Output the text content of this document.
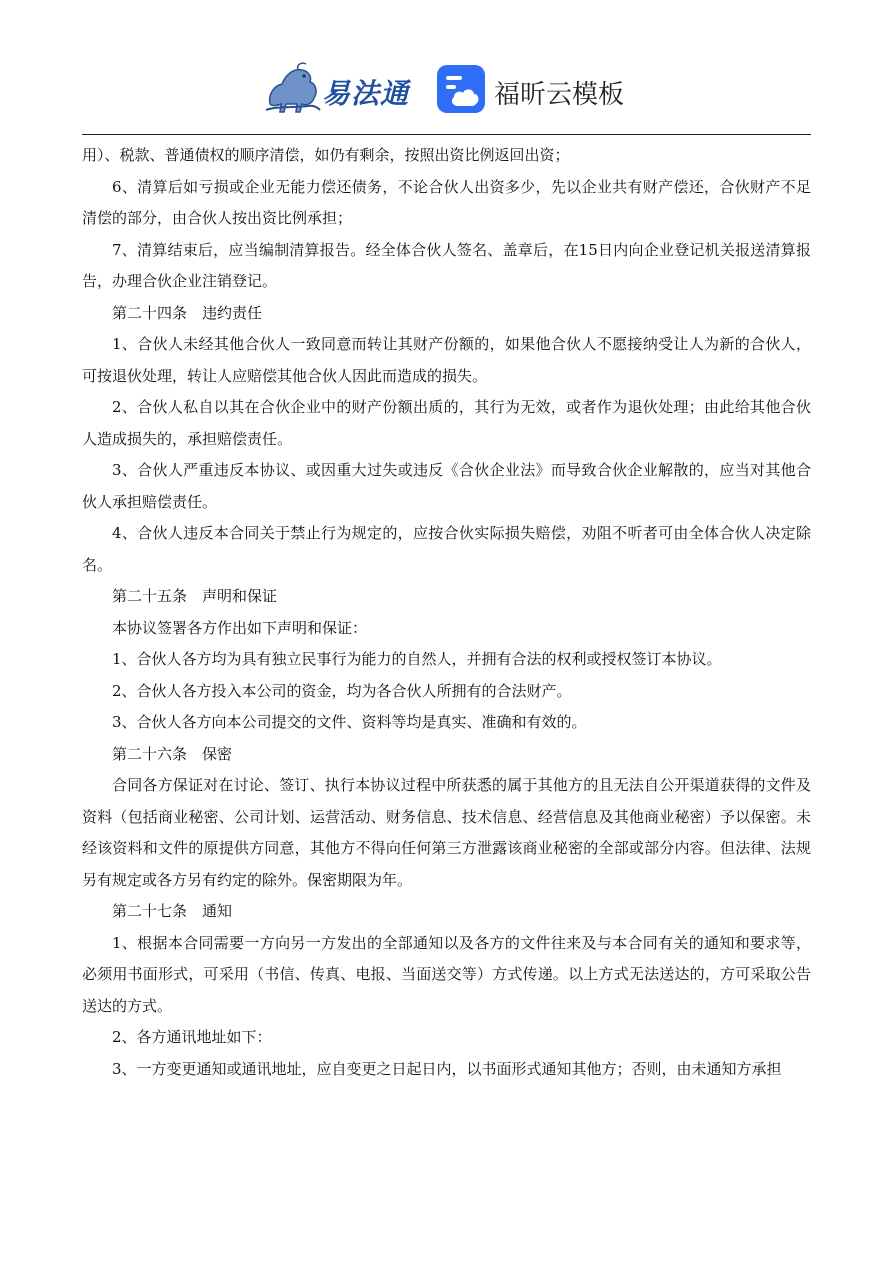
易法通	福昕云模板

用）、税款、普通债权的顺序清偿，如仍有剩余，按照出资比例返回出资；

6、清算后如亏损或企业无能力偿还债务，不论合伙人出资多少，先以企业共有财产偿还，合伙财产不足清偿的部分，由合伙人按出资比例承担；

7、清算结束后，应当编制清算报告。经全体合伙人签名、盖章后，在15日内向企业登记机关报送清算报告，办理合伙企业注销登记。

第二十四条　违约责任

1、合伙人未经其他合伙人一致同意而转让其财产份额的，如果他合伙人不愿接纳受让人为新的合伙人，可按退伙处理，转让人应赔偿其他合伙人因此而造成的损失。

2、合伙人私自以其在合伙企业中的财产份额出质的，其行为无效，或者作为退伙处理；由此给其他合伙人造成损失的，承担赔偿责任。

3、合伙人严重违反本协议、或因重大过失或违反《合伙企业法》而导致合伙企业解散的，应当对其他合伙人承担赔偿责任。

4、合伙人违反本合同关于禁止行为规定的，应按合伙实际损失赔偿，劝阻不听者可由全体合伙人决定除名。

第二十五条　声明和保证

本协议签署各方作出如下声明和保证：

1、合伙人各方均为具有独立民事行为能力的自然人，并拥有合法的权利或授权签订本协议。

2、合伙人各方投入本公司的资金，均为各合伙人所拥有的合法财产。

3、合伙人各方向本公司提交的文件、资料等均是真实、准确和有效的。

第二十六条　保密

合同各方保证对在讨论、签订、执行本协议过程中所获悉的属于其他方的且无法自公开渠道获得的文件及资料（包括商业秘密、公司计划、运营活动、财务信息、技术信息、经营信息及其他商业秘密）予以保密。未经该资料和文件的原提供方同意，其他方不得向任何第三方泄露该商业秘密的全部或部分内容。但法律、法规另有规定或各方另有约定的除外。保密期限为年。

第二十七条　通知

1、根据本合同需要一方向另一方发出的全部通知以及各方的文件往来及与本合同有关的通知和要求等，必须用书面形式，可采用（书信、传真、电报、当面送交等）方式传递。以上方式无法送达的，方可采取公告送达的方式。

2、各方通讯地址如下：

3、一方变更通知或通讯地址，应自变更之日起日内，以书面形式通知其他方；否则，由未通知方承担
